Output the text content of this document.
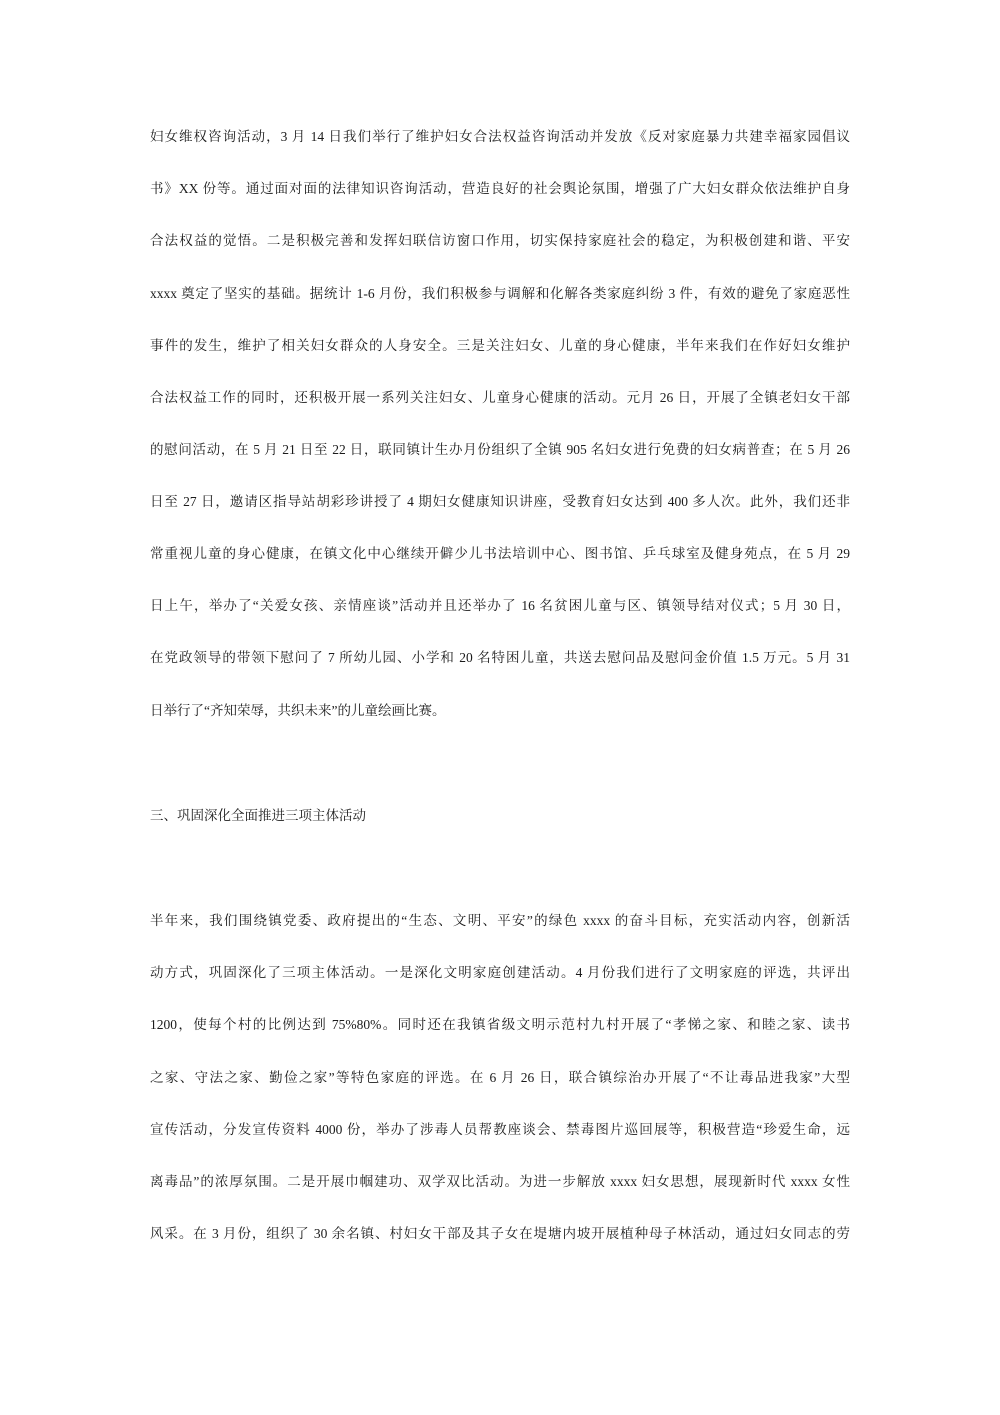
妇女维权咨询活动，3 月 14 日我们举行了维护妇女合法权益咨询活动并发放《反对家庭暴力共建幸福家园倡议
书》XX 份等。通过面对面的法律知识咨询活动，营造良好的社会舆论氛围，增强了广大妇女群众依法维护自身
合法权益的觉悟。二是积极完善和发挥妇联信访窗口作用，切实保持家庭社会的稳定，为积极创建和谐、平安
xxxx 奠定了坚实的基础。据统计 1-6 月份，我们积极参与调解和化解各类家庭纠纷 3 件，有效的避免了家庭恶性
事件的发生，维护了相关妇女群众的人身安全。三是关注妇女、儿童的身心健康，半年来我们在作好妇女维护
合法权益工作的同时，还积极开展一系列关注妇女、儿童身心健康的活动。元月 26 日，开展了全镇老妇女干部
的慰问活动，在 5 月 21 日至 22 日，联同镇计生办月份组织了全镇 905 名妇女进行免费的妇女病普查；在 5 月 26
日至 27 日，邀请区指导站胡彩珍讲授了 4 期妇女健康知识讲座，受教育妇女达到 400 多人次。此外，我们还非
常重视儿童的身心健康，在镇文化中心继续开僻少儿书法培训中心、图书馆、乒乓球室及健身苑点，在 5 月 29
日上午，举办了“关爱女孩、亲情座谈”活动并且还举办了 16 名贫困儿童与区、镇领导结对仪式；5 月 30 日，
在党政领导的带领下慰问了 7 所幼儿园、小学和 20 名特困儿童，共送去慰问品及慰问金价值 1.5 万元。5 月 31
日举行了“齐知荣辱，共织未来”的儿童绘画比赛。
三、巩固深化全面推进三项主体活动
半年来，我们围绕镇党委、政府提出的“生态、文明、平安”的绿色 xxxx 的奋斗目标，充实活动内容，创新活
动方式，巩固深化了三项主体活动。一是深化文明家庭创建活动。4 月份我们进行了文明家庭的评选，共评出
1200，使每个村的比例达到 75%80%。同时还在我镇省级文明示范村九村开展了“孝悌之家、和睦之家、读书
之家、守法之家、勤俭之家”等特色家庭的评选。在 6 月 26 日，联合镇综治办开展了“不让毒品进我家”大型
宣传活动，分发宣传资料 4000 份，举办了涉毒人员帮教座谈会、禁毒图片巡回展等，积极营造“珍爱生命，远
离毒品”的浓厚氛围。二是开展巾帼建功、双学双比活动。为进一步解放 xxxx 妇女思想，展现新时代 xxxx 女性
风采。在 3 月份，组织了 30 余名镇、村妇女干部及其子女在堤塘内坡开展植种母子林活动，通过妇女同志的劳
